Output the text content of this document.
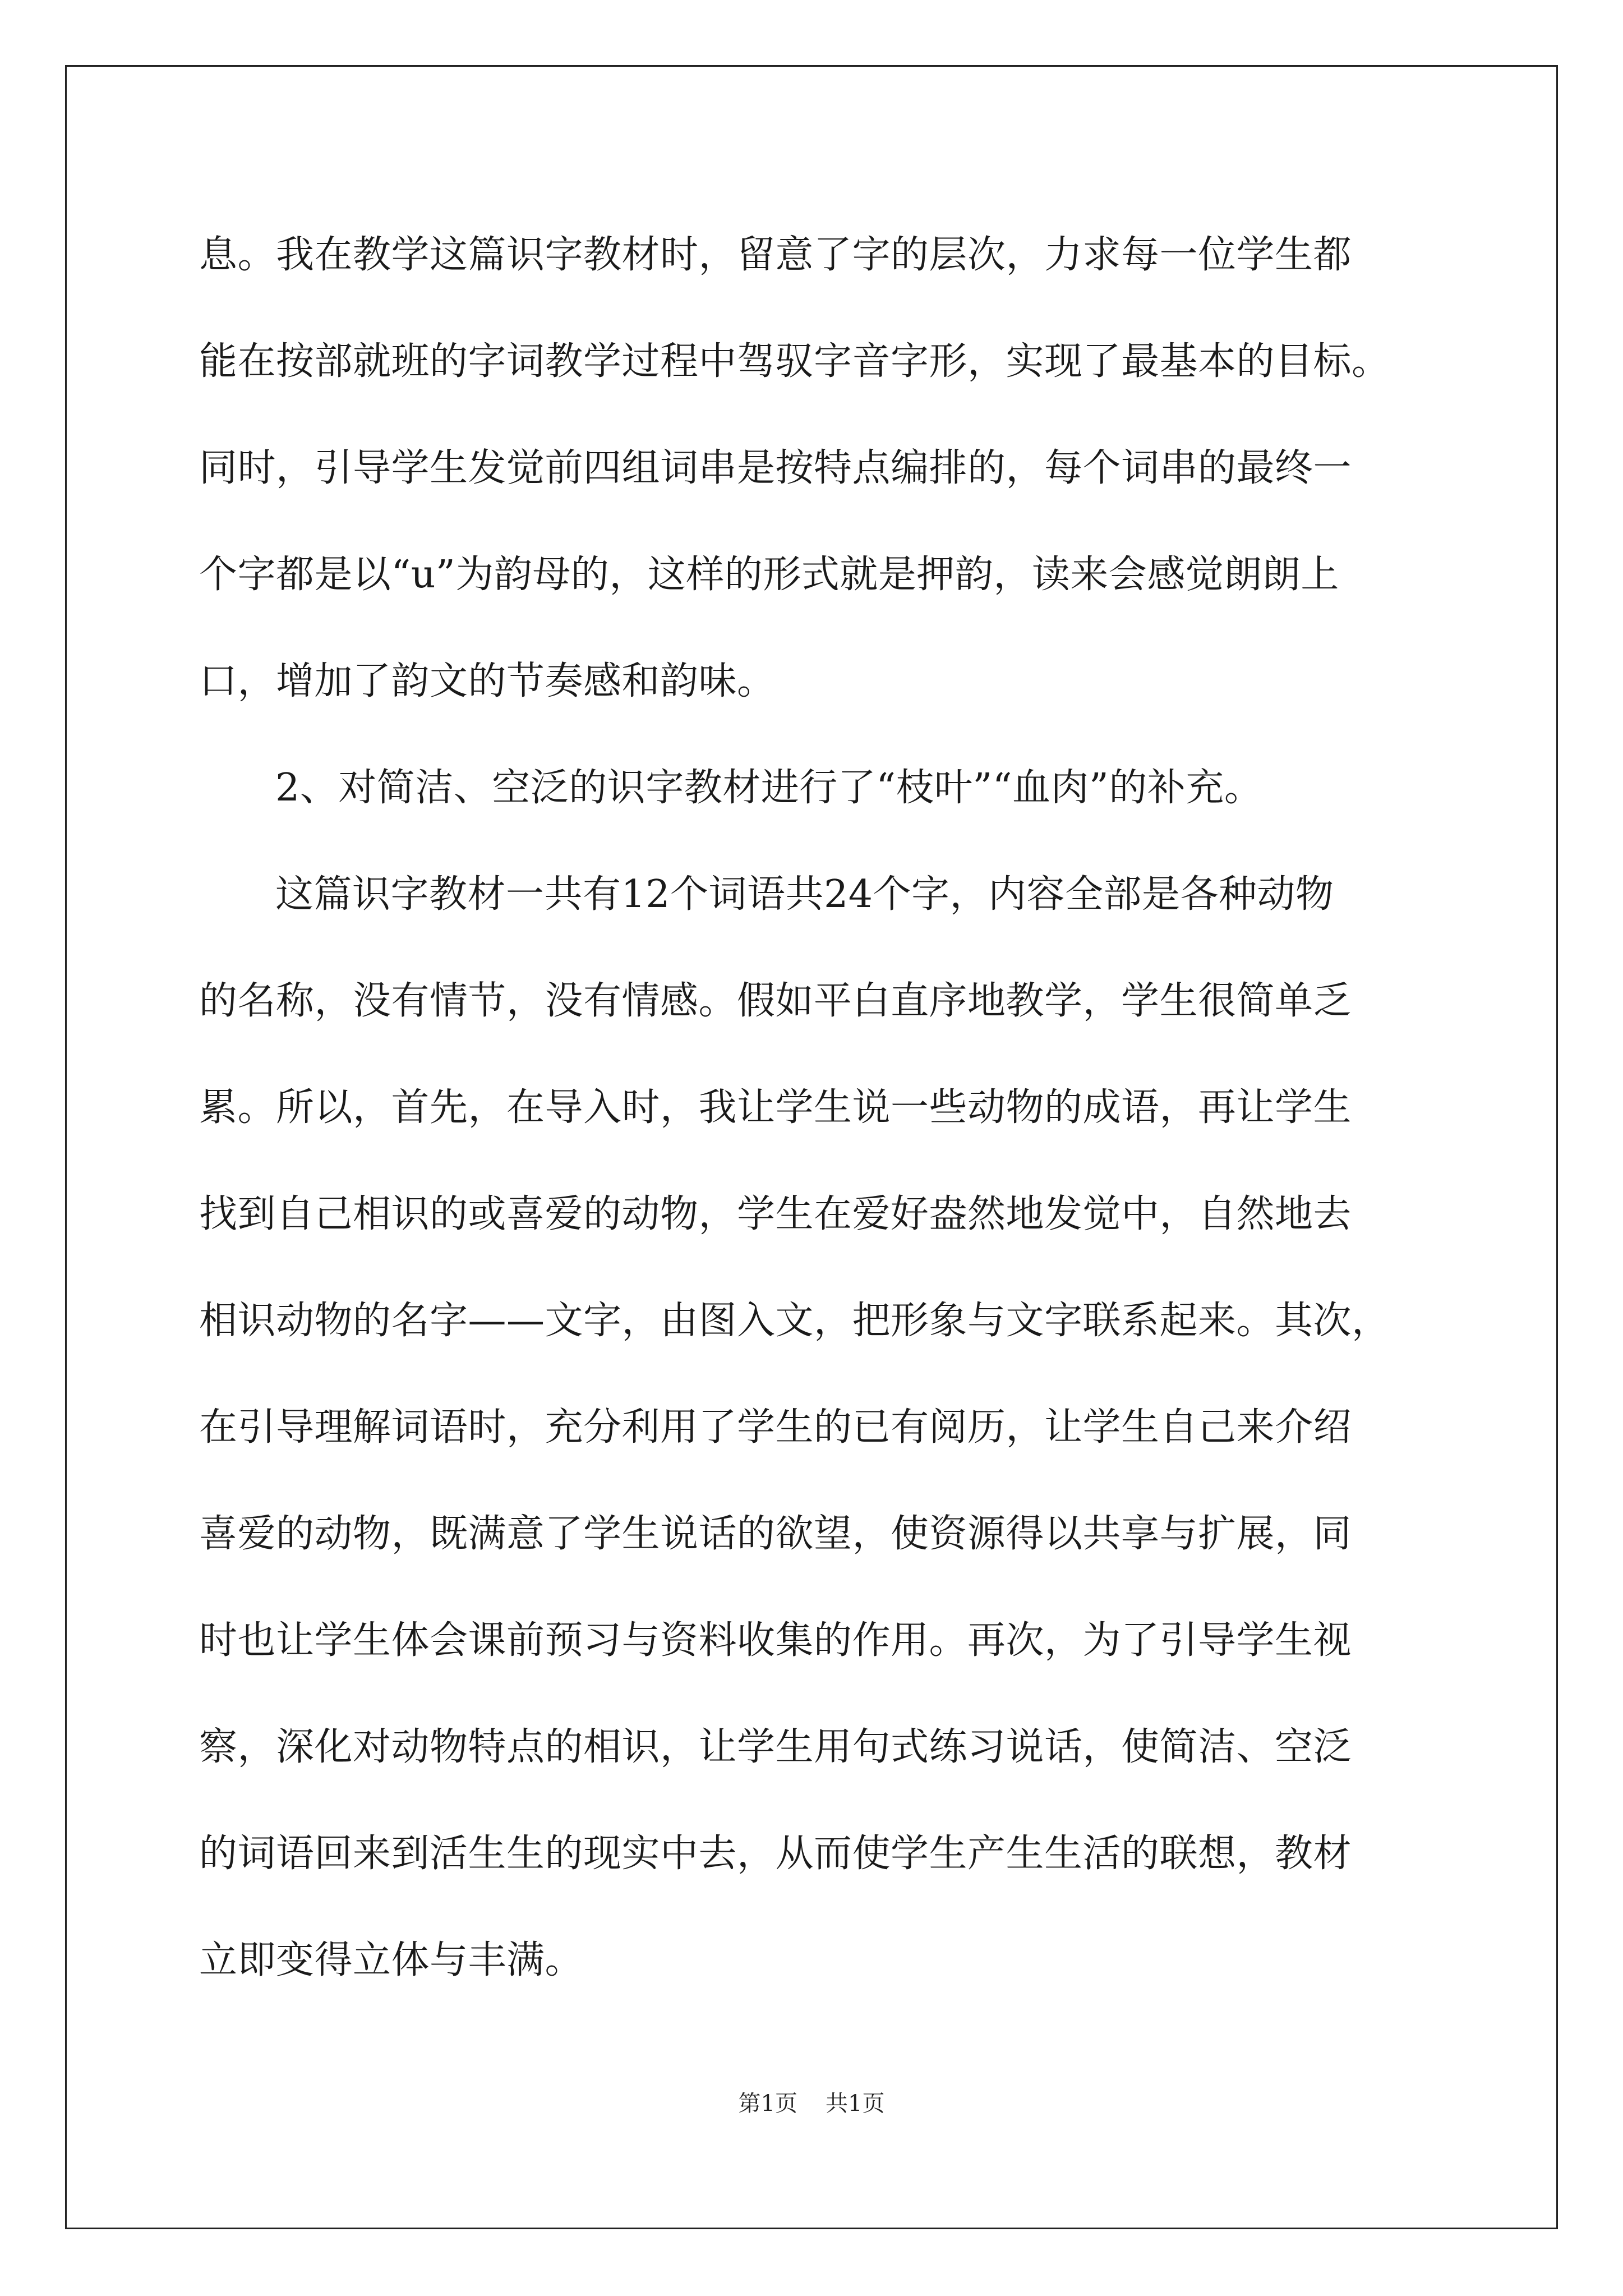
息。我在教学这篇识字教材时，留意了字的层次，力求每一位学生都
能在按部就班的字词教学过程中驾驭字音字形，实现了最基本的目标。
同时，引导学生发觉前四组词串是按特点编排的，每个词串的最终一
个字都是以“u”为韵母的，这样的形式就是押韵，读来会感觉朗朗上
口，增加了韵文的节奏感和韵味。
2、对简洁、空泛的识字教材进行了“枝叶”“血肉”的补充。
这篇识字教材一共有12个词语共24个字，内容全部是各种动物
的名称，没有情节，没有情感。假如平白直序地教学，学生很简单乏
累。所以，首先，在导入时，我让学生说一些动物的成语，再让学生
找到自己相识的或喜爱的动物，学生在爱好盎然地发觉中，自然地去
相识动物的名字——文字，由图入文，把形象与文字联系起来。其次，
在引导理解词语时，充分利用了学生的已有阅历，让学生自己来介绍
喜爱的动物，既满意了学生说话的欲望，使资源得以共享与扩展，同
时也让学生体会课前预习与资料收集的作用。再次，为了引导学生视
察，深化对动物特点的相识，让学生用句式练习说话，使简洁、空泛
的词语回来到活生生的现实中去，从而使学生产生生活的联想，教材
立即变得立体与丰满。
第1页 共1页
